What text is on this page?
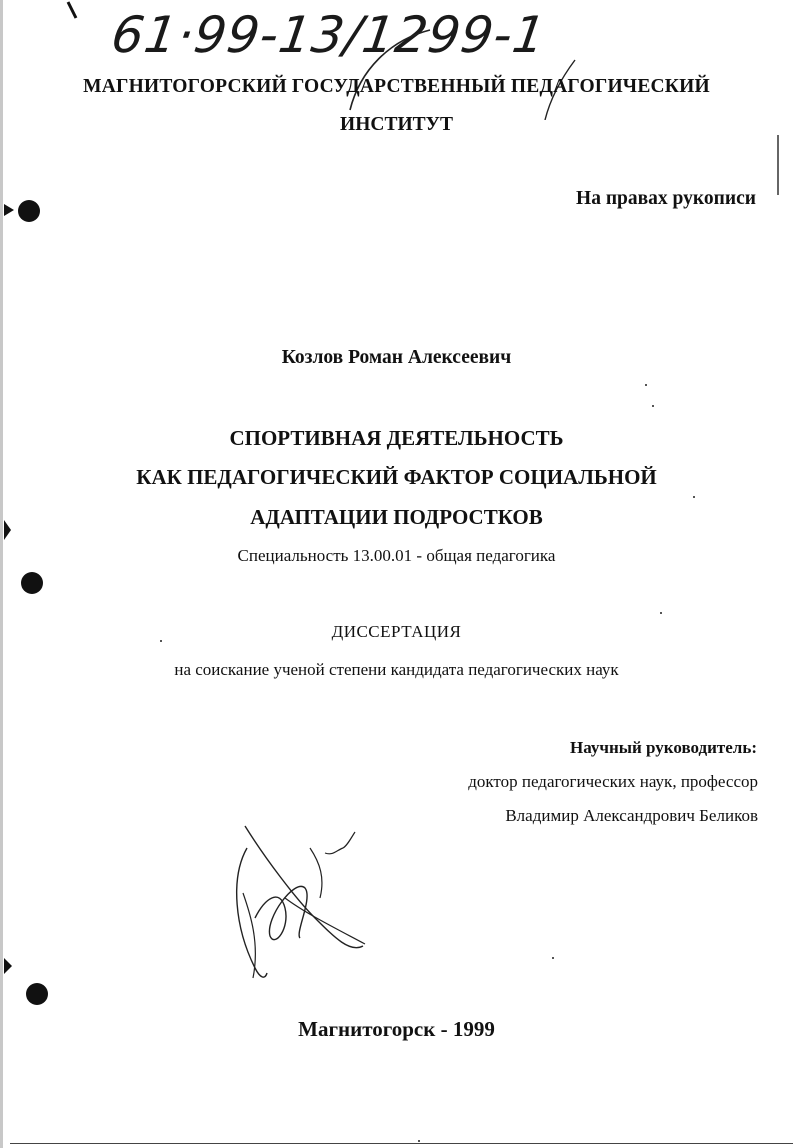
61·99-13/1299-1
МАГНИТОГОРСКИЙ ГОСУДАРСТВЕННЫЙ ПЕДАГОГИЧЕСКИЙ
ИНСТИТУТ
На правах рукописи
Козлов Роман Алексеевич
СПОРТИВНАЯ ДЕЯТЕЛЬНОСТЬ
КАК ПЕДАГОГИЧЕСКИЙ ФАКТОР СОЦИАЛЬНОЙ
АДАПТАЦИИ ПОДРОСТКОВ
Специальность 13.00.01 - общая педагогика
ДИССЕРТАЦИЯ
на соискание ученой степени кандидата педагогических наук
Научный руководитель:
доктор педагогических наук, профессор
Владимир Александрович Беликов
Магнитогорск - 1999
